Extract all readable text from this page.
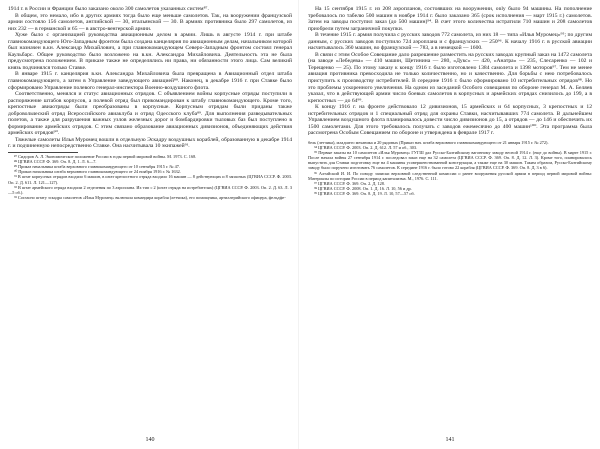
1914 г. в России и Франции было заказано около 300 самолетов указанных систем⁸⁷.

В общем, это немало, ибо в других армиях тогда было еще меньше самолетов. Так, на вооружении французской армии состояло 156 самолетов, английской — 30, итальянской — 30. В армиях противника было 297 самолетов, из них 232 — в германской и 65 — в австро-венгерской армии.

Хуже было с организацией руководства авиационным делом в армии. Лишь в августе 1914 г. при штабе главнокомандующего Юго-Западным фронтом была создана канцелярия по авиационным делам, начальником которой был назначен в.кн. Александр Михайлович, а при главнокомандующем Северо-Западным фронтом состоял генерал Каульбарс. Общее руководство было возложено на в.кн. Александра Михайловича. Деятельность эта не была предусмотрена положением. В приказе также не определялись ни права, ни обязанности этого лица. Сам великий князь подчинялся только Ставке.

В январе 1915 г. канцелярия в.кн. Александра Михайловича была превращена в Авиационный отдел штаба главнокомандующего, а затем в Управление заведующего авиацией⁸⁸. Наконец, в декабре 1916 г. при Ставке было сформировано Управление полевого генерал-инспектора Военно-воздушного флота.

Соответственно, менялся и статус авиационных отрядов. С объявлением войны корпусные отряды поступили в распоряжение штабов корпусов, а полевой отряд был прикомандирован к штабу главнокомандующего. Кроме того, крепостные авиаотряды были преобразованы в корпусные. Корпусным отрядам были приданы также добровольческий отряд Всероссийского авиаклуба и отряд Одесского клуба⁸⁹. Для выполнения разведывательных полетов, а также для разрушения важных узлов железных дорог и бомбардировки тыловых баз был поступлено в формирование армейских отрядов. С этим связано образование авиационных дивизионов, объединяющих действия армейских отрядов⁹⁰.

Тяжелые самолеты Илья Муромец вошли в отдельную Эскадру воздушных кораблей, образованную в декабре 1914 г. и подчиненную непосредственно Ставке. Она насчитывала 10 экипажей⁹¹.

⁸⁷ Сидоров А. Л. Экономическое положение России в годы первой мировой войны. М. 1973. С. 168.

⁸⁸ ЦГВИА СССР. Ф. 369. Оп. 8. Д. 1. Л. 6—7.

⁸⁹ Приказ начальника штаба верховного главнокомандующего от 10 сентября 1915 г. № 47.

⁹⁰ Приказ начальника штаба верховного главнокомандующего от 24 ноября 1916 г. № 1632.

⁹¹ В штат корпусных отрядов входило 6 машин, в штат крепостного отряда входило 16 машин — 8 действующих и 8 запасных (ЦГВИА СССР. Ф. 2003. Оп. 2. Д. 611. Л. 121—127).

⁹² В штат армейского отряда входили 2 отделения по 3 аэроплана. Их тип с 2 (штат отряда на истребителях) (ЦГВИА СССР. Ф. 2003. Оп. 2. Д. 63. Л. 3—5 об.).

⁹³ Согласно штату эскадра самолетов «Илья Муромец» включала командира корабля (летчика), его помощника, артиллерийского офицера, фельдфе-

140

На 15 сентября 1915 г. из 208 аэропланов, состоявших на вооружении, only было 94 машины. На пополнение требовалось по табелю 500 машин в ноябре 1914 г. было заказано 365 (срок исполнения — март 1915 г.) самолетов. Затем на заводы поступил заказ (до 500 машин)⁹⁴. В счет этого количества истратили 710 машин и 208 самолетов приобрели путем заграничной покупки.

В течение 1915 г. армия получила с русских заводов 772 самолета, из них 18 — типа «Илья Муромец»⁹⁵; по другим данным, с русских заводов поступило 724 аэроплана и с французских — 250⁹⁶. К началу 1916 г. в русской авиации насчитывалось 360 машин, во французской — 783, а в немецкой — 1600.

В связи с этим Особое Совещание дало разрешение разместить на русских заводах крупный заказ на 1472 самолета (на заводе «Лебедева» — 410 машин, Щетинина — 280, «Дукс» — 420, «Анатра» — 235, Слесаренко — 102 и Терещенко — 25). По этому заказу к концу 1916 г. было изготовлено 1384 самолета и 1398 моторов⁹⁷. Тем не менее авиация противника превосходила не только количественно, но и качественно. Для борьбы с нею потребовалось приступить к производству истребителей. В середине 1916 г. было сформировано 10 истребительных отрядов⁹⁸. Но это проблемы ускоренного увеличения. На одном из заседаний Особого совещания по обороне генерал М. А. Беляев указал, что в действующей армии число боевых самолетов в корпусных и армейских отрядах снизилось до 199, а в крепостных — до 64⁹⁹.

К концу 1916 г. на фронте действовало 12 дивизионов, 15 армейских и 64 корпусных, 3 крепостных и 12 истребительных отрядов и 1 специальный отряд для охраны Ставки, насчитывавших 774 самолета. В дальнейшем Управлением воздушного флота планировалось довести число дивизионов до 15, а отрядов — до 146 и обеспечить их 1500 самолетами. Для этого требовалось получать с заводов ежемесячно до 400 машин¹⁰⁰. Эта программа была рассмотрена Особым Совещанием по обороне и утверждена в феврале 1917 г.

бель (летчика), младшего механика и 20 рядовых (Приказ нач. штаба верховного главнокомандующего от 21 января 1915 г. № 272).

⁹⁴ ЦГВИА СССР. Ф. 2003. Оп. 2. Д. 612. Л. 57 и об., 303.

⁹⁵ Первые заказы на 10 самолетов «Илья Муромец» ГУГШ дал Русско-Балтийскому вагонному заводу весной 1914 г. (еще до войны). В марте 1915 г. После начала войны 27 сентября 1914 г. последовал заказ еще на 32 самолета (ЦГВИА СССР. Ф. 369. Оп. 8. Д. 12. Л. 3). Кроме того, планировалось выпустить для Ставки подготовку еще на 4 машины усовершенствованной конструкции, а также еще на 30 машин. Таким образом, Русско-Балтийскому заводу было поручено изготовить 76 самолетов. К середине 1916 г. было готово 22 корабля (ЦГВИА СССР. Ф. 369. Оп. 8. Д. 3 в 6).

⁹⁶ Алтайский И. И. По поводу записки верховной следственной комиссии о ранее вооружения русской армии в период первой мировой войны: Материалы по истории России в период капитализма. М., 1976. С. 111.

⁹⁷ ЦГВИА СССР. Ф. 369. Оп. 2. Д. 128.

⁹⁸ ЦГВИА СССР. Ф. 2008. Оп. 1. Д. 16. Л. 10, 56 и др.

⁹⁹ ЦГВИА СССР. Ф. 369. Оп. 8. Д. 19. Л. 10, 57—57 об.

141
